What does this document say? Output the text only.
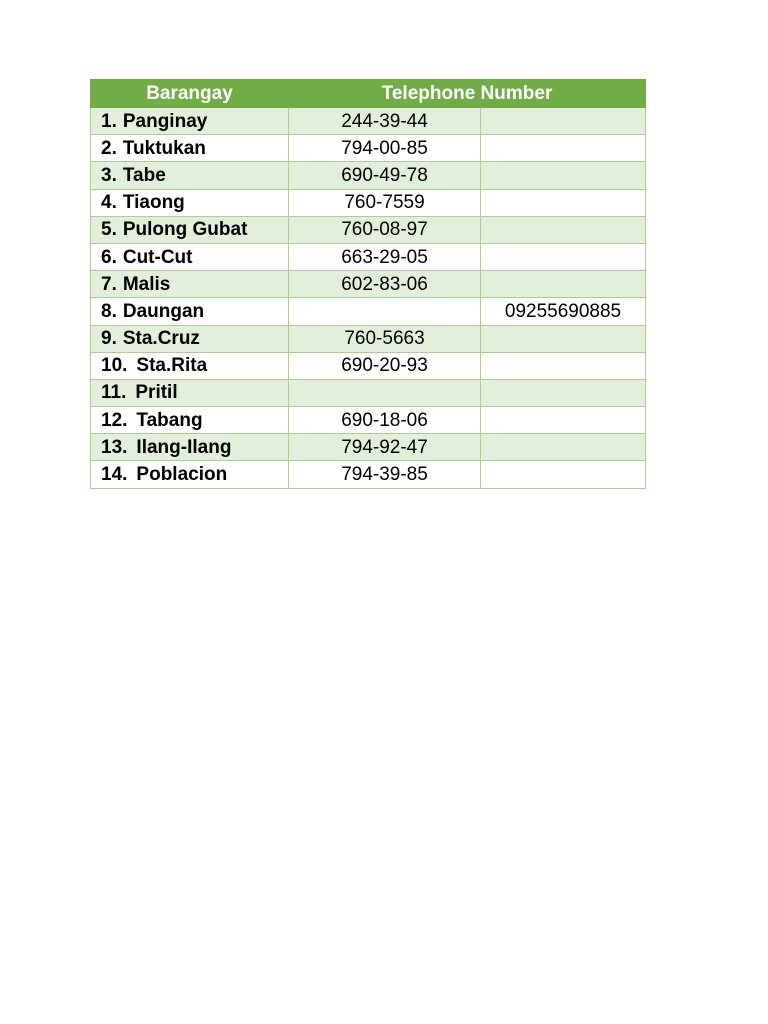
Barangay	Telephone Number	
1. Panginay	244-39-44	
2. Tuktukan	794-00-85	
3. Tabe	690-49-78	
4. Tiaong	760-7559	
5. Pulong Gubat	760-08-97	
6. Cut-Cut	663-29-05	
7. Malis	602-83-06	
8. Daungan		09255690885
9. Sta.Cruz	760-5663	
10. Sta.Rita	690-20-93	
11. Pritil		
12. Tabang	690-18-06	
13. Ilang-Ilang	794-92-47	
14. Poblacion	794-39-85	
